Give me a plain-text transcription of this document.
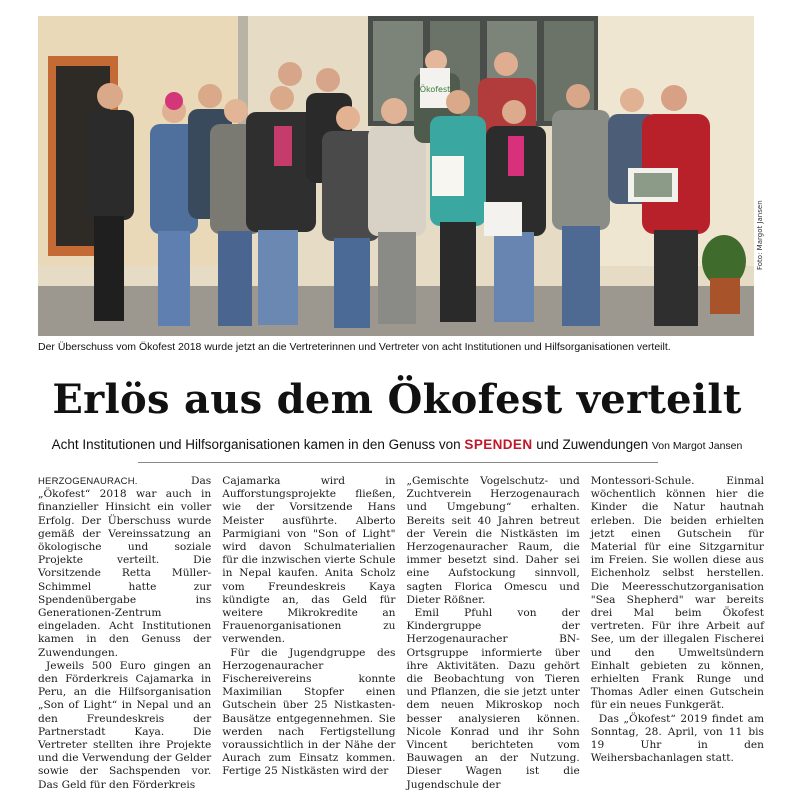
Ökofest
Foto: Margot Jansen
Der Überschuss vom Ökofest 2018 wurde jetzt an die Vertreterinnen und Vertreter von acht Institutionen und Hilfsorganisationen verteilt.
Erlös aus dem Ökofest verteilt
Acht Institutionen und Hilfsorganisationen kamen in den Genuss von SPENDEN und Zuwendungen Von Margot Jansen

HERZOGENAURACH. Das „Ökofest“ 2018 war auch in finanzieller Hinsicht ein voller Erfolg. Der Überschuss wurde gemäß der Vereinssatzung an ökologische und soziale Projekte verteilt. Die Vorsitzende Retta Müller-Schimmel hatte zur Spendenübergabe ins Generationen-Zentrum eingeladen. Acht Institutionen kamen in den Genuss der Zuwendungen.

Jeweils 500 Euro gingen an den Förderkreis Cajamarka in Peru, an die Hilfsorganisation „Son of Light“ in Nepal und an den Freundeskreis der Partnerstadt Kaya. Die Vertreter stellten ihre Projekte und die Verwendung der Gelder sowie der Sachspenden vor. Das Geld für den Förderkreis

Cajamarka wird in Aufforstungsprojekte fließen, wie der Vorsitzende Hans Meister ausführte. Alberto Parmigiani von "Son of Light" wird davon Schulmaterialien für die inzwischen vierte Schule in Nepal kaufen. Anita Scholz vom Freundeskreis Kaya kündigte an, das Geld für weitere Mikrokredite an Frauenorganisationen zu verwenden.

Für die Jugendgruppe des Herzogenauracher Fischereivereins konnte Maximilian Stopfer einen Gutschein über 25 Nistkasten-Bausätze entgegennehmen. Sie werden nach Fertigstellung voraussichtlich in der Nähe der Aurach zum Einsatz kommen. Fertige 25 Nistkästen wird der

„Gemischte Vogelschutz- und Zuchtverein Herzogenaurach und Umgebung“ erhalten. Bereits seit 40 Jahren betreut der Verein die Nistkästen im Herzogenauracher Raum, die immer besetzt sind. Daher sei eine Aufstockung sinnvoll, sagten Florica Omescu und Dieter Rößner.

Emil Pfuhl von der Kindergruppe der Herzogenauracher BN-Ortsgruppe informierte über ihre Aktivitäten. Dazu gehört die Beobachtung von Tieren und Pflanzen, die sie jetzt unter dem neuen Mikroskop noch besser analysieren können. Nicole Konrad und ihr Sohn Vincent berichteten vom Bauwagen an der Nutzung. Dieser Wagen ist die Jugendschule der

Montessori-Schule. Einmal wöchentlich können hier die Kinder die Natur hautnah erleben. Die beiden erhielten jetzt einen Gutschein für Material für eine Sitzgarnitur im Freien. Sie wollen diese aus Eichenholz selbst herstellen. Die Meeresschutzorganisation "Sea Shepherd" war bereits drei Mal beim Ökofest vertreten. Für ihre Arbeit auf See, um der illegalen Fischerei und den Umweltsündern Einhalt gebieten zu können, erhielten Frank Runge und Thomas Adler einen Gutschein für ein neues Funkgerät.

Das „Ökofest“ 2019 findet am Sonntag, 28. April, von 11 bis 19 Uhr in den Weihersbachanlagen statt.
